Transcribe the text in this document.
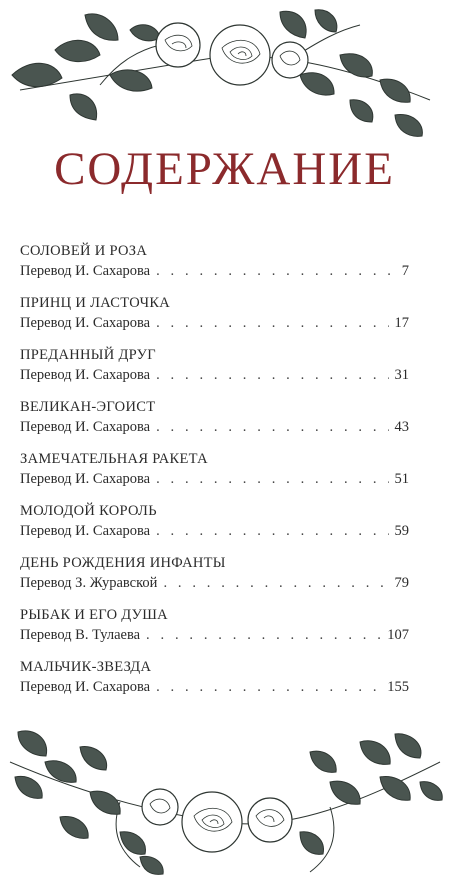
СОДЕРЖАНИЕ
СОЛОВЕЙ И РОЗА
Перевод И. Сахарова . . .	7
ПРИНЦ И ЛАСТОЧКА
Перевод И. Сахарова . . .	17
ПРЕДАННЫЙ ДРУГ
Перевод И. Сахарова . . .	31
ВЕЛИКАН-ЭГОИСТ
Перевод И. Сахарова . . .	43
ЗАМЕЧАТЕЛЬНАЯ РАКЕТА
Перевод И. Сахарова . . .	51
МОЛОДОЙ КОРОЛЬ
Перевод И. Сахарова . . .	59
ДЕНЬ РОЖДЕНИЯ ИНФАНТЫ
Перевод З. Журавской . . .	79
РЫБАК И ЕГО ДУША
Перевод В. Тулаева . . .	107
МАЛЬЧИК-ЗВЕЗДА
Перевод И. Сахарова . . .	155
